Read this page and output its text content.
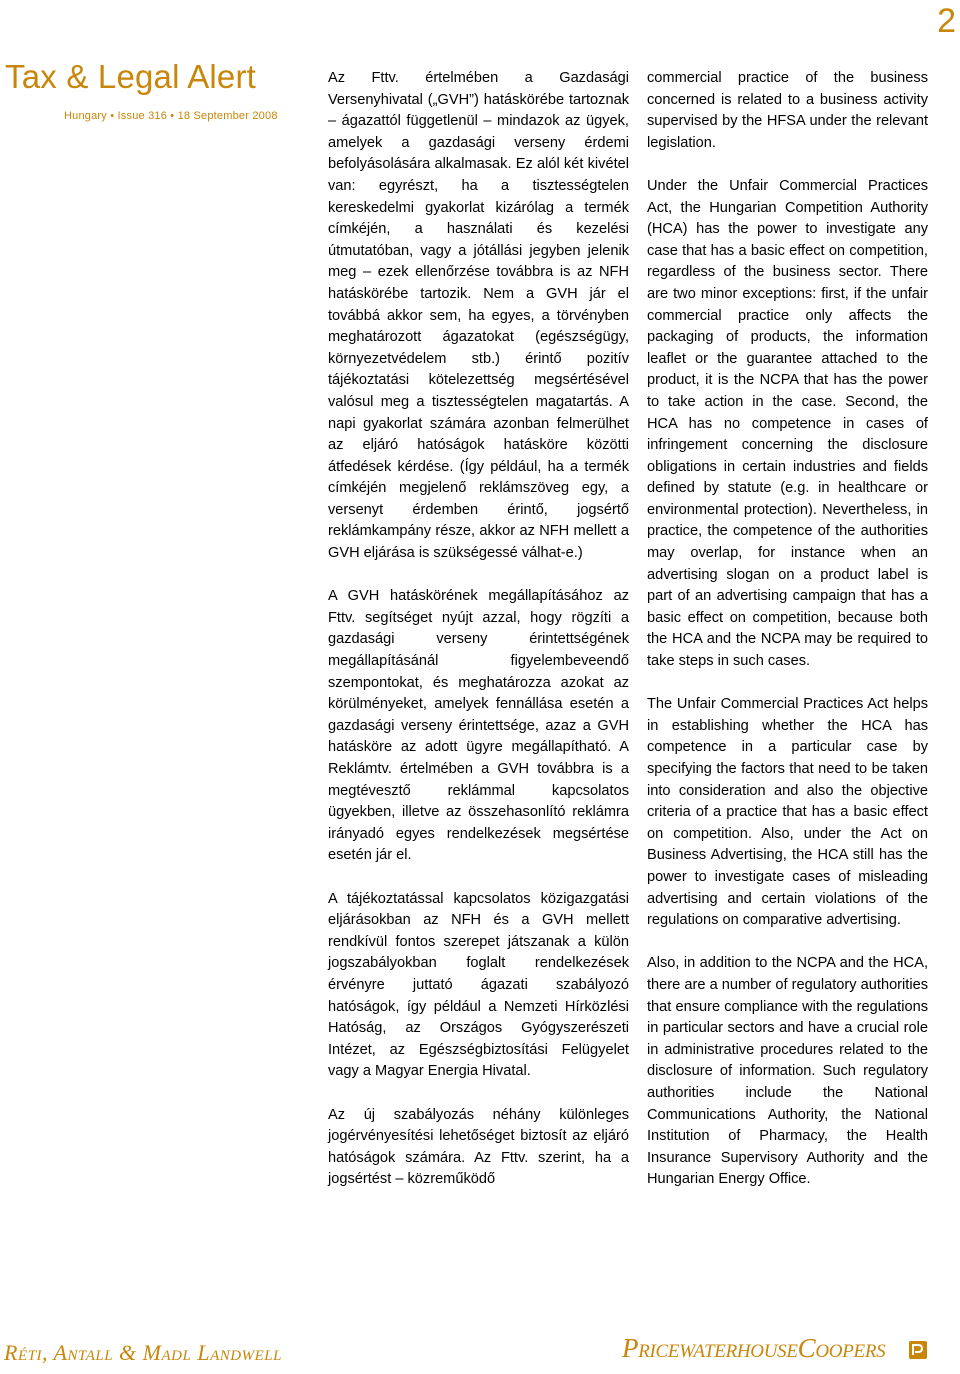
2
Tax & Legal Alert
Hungary • Issue 316 • 18 September 2008

Az Fttv. értelmében a Gazdasági Versenyhivatal („GVH”) hatáskörébe tartoznak – ágazattól függetlenül – mindazok az ügyek, amelyek a gazdasági verseny érdemi befolyásolására alkalmasak. Ez alól két kivétel van: egyrészt, ha a tisztességtelen kereskedelmi gyakorlat kizárólag a termék címkéjén, a használati és kezelési útmutatóban, vagy a jótállási jegyben jelenik meg – ezek ellenőrzése továbbra is az NFH hatáskörébe tartozik. Nem a GVH jár el továbbá akkor sem, ha egyes, a törvényben meghatározott ágazatokat (egészségügy, környezetvédelem stb.) érintő pozitív tájékoztatási kötelezettség megsértésével valósul meg a tisztességtelen magatartás. A napi gyakorlat számára azonban felmerülhet az eljáró hatóságok hatásköre közötti átfedések kérdése. (Így például, ha a termék címkéjén megjelenő reklámszöveg egy, a versenyt érdemben érintő, jogsértő reklámkampány része, akkor az NFH mellett a GVH eljárása is szükségessé válhat-e.)

A GVH hatáskörének megállapításához az Fttv. segítséget nyújt azzal, hogy rögzíti a gazdasági verseny érintettségének megállapításánál figyelembeveendő szempontokat, és meghatározza azokat az körülményeket, amelyek fennállása esetén a gazdasági verseny érintettsége, azaz a GVH hatásköre az adott ügyre megállapítható. A Reklámtv. értelmében a GVH továbbra is a megtévesztő reklámmal kapcsolatos ügyekben, illetve az összehasonlító reklámra irányadó egyes rendelkezések megsértése esetén jár el.

A tájékoztatással kapcsolatos közigazgatási eljárásokban az NFH és a GVH mellett rendkívül fontos szerepet játszanak a külön jogszabályokban foglalt rendelkezések érvényre juttató ágazati szabályozó hatóságok, így például a Nemzeti Hírközlési Hatóság, az Országos Gyógyszerészeti Intézet, az Egészségbiztosítási Felügyelet vagy a Magyar Energia Hivatal.

Az új szabályozás néhány különleges jogérvényesítési lehetőséget biztosít az eljáró hatóságok számára. Az Fttv. szerint, ha a jogsértést – közreműködő

commercial practice of the business concerned is related to a business activity supervised by the HFSA under the relevant legislation.

Under the Unfair Commercial Practices Act, the Hungarian Competition Authority (HCA) has the power to investigate any case that has a basic effect on competition, regardless of the business sector. There are two minor exceptions: first, if the unfair commercial practice only affects the packaging of products, the information leaflet or the guarantee attached to the product, it is the NCPA that has the power to take action in the case. Second, the HCA has no competence in cases of infringement concerning the disclosure obligations in certain industries and fields defined by statute (e.g. in healthcare or environmental protection). Nevertheless, in practice, the competence of the authorities may overlap, for instance when an advertising slogan on a product label is part of an advertising campaign that has a basic effect on competition, because both the HCA and the NCPA may be required to take steps in such cases.

The Unfair Commercial Practices Act helps in establishing whether the HCA has competence in a particular case by specifying the factors that need to be taken into consideration and also the objective criteria of a practice that has a basic effect on competition. Also, under the Act on Business Advertising, the HCA still has the power to investigate cases of misleading advertising and certain violations of the regulations on comparative advertising.

Also, in addition to the NCPA and the HCA, there are a number of regulatory authorities that ensure compliance with the regulations in particular sectors and have a crucial role in administrative procedures related to the disclosure of information. Such regulatory authorities include the National Communications Authority, the National Institution of Pharmacy, the Health Insurance Supervisory Authority and the Hungarian Energy Office.

Réti, Antall & Madl Landwell	PricewaterhouseCoopers
